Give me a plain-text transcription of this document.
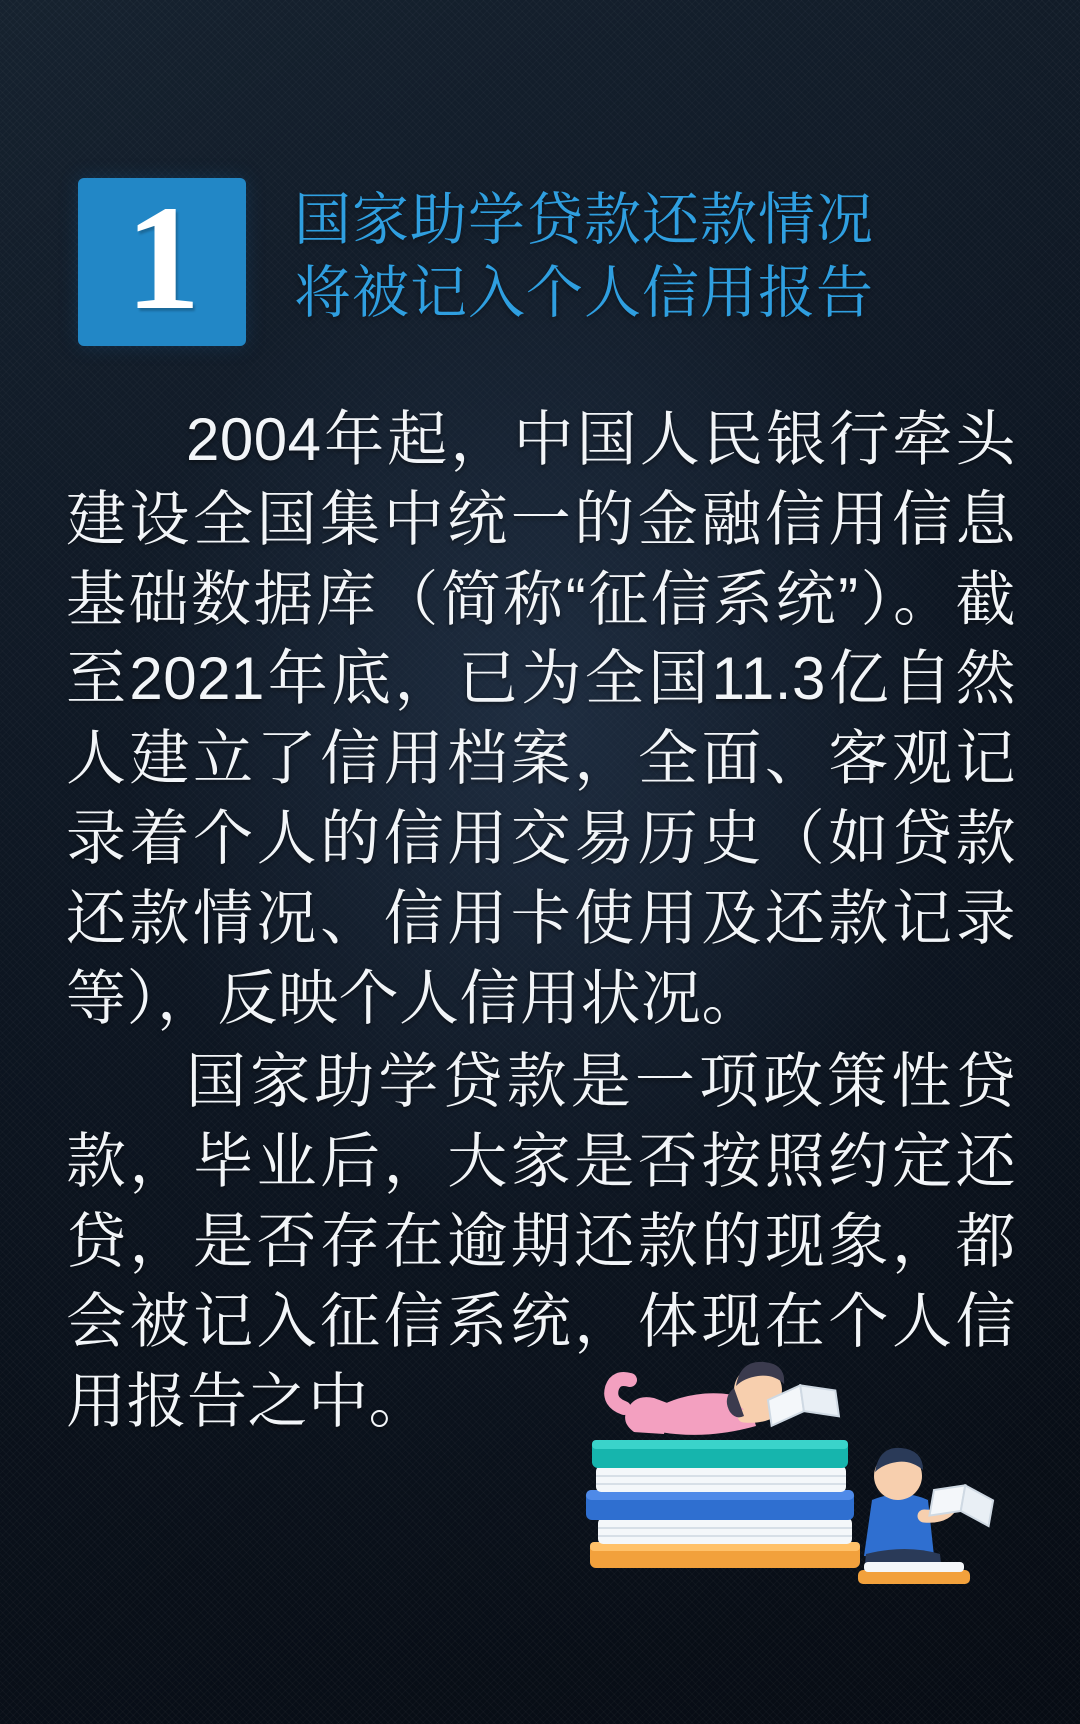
1 国家助学贷款还款情况
将被记入个人信用报告

2004年起，中国人民银行牵头建设全国集中统一的金融信用信息基础数据库（简称“征信系统”）。截至2021年底，已为全国11.3亿自然人建立了信用档案，全面、客观记录着个人的信用交易历史（如贷款还款情况、信用卡使用及还款记录等），反映个人信用状况。

国家助学贷款是一项政策性贷款，毕业后，大家是否按照约定还贷，是否存在逾期还款的现象，都会被记入征信系统，体现在个人信用报告之中。
